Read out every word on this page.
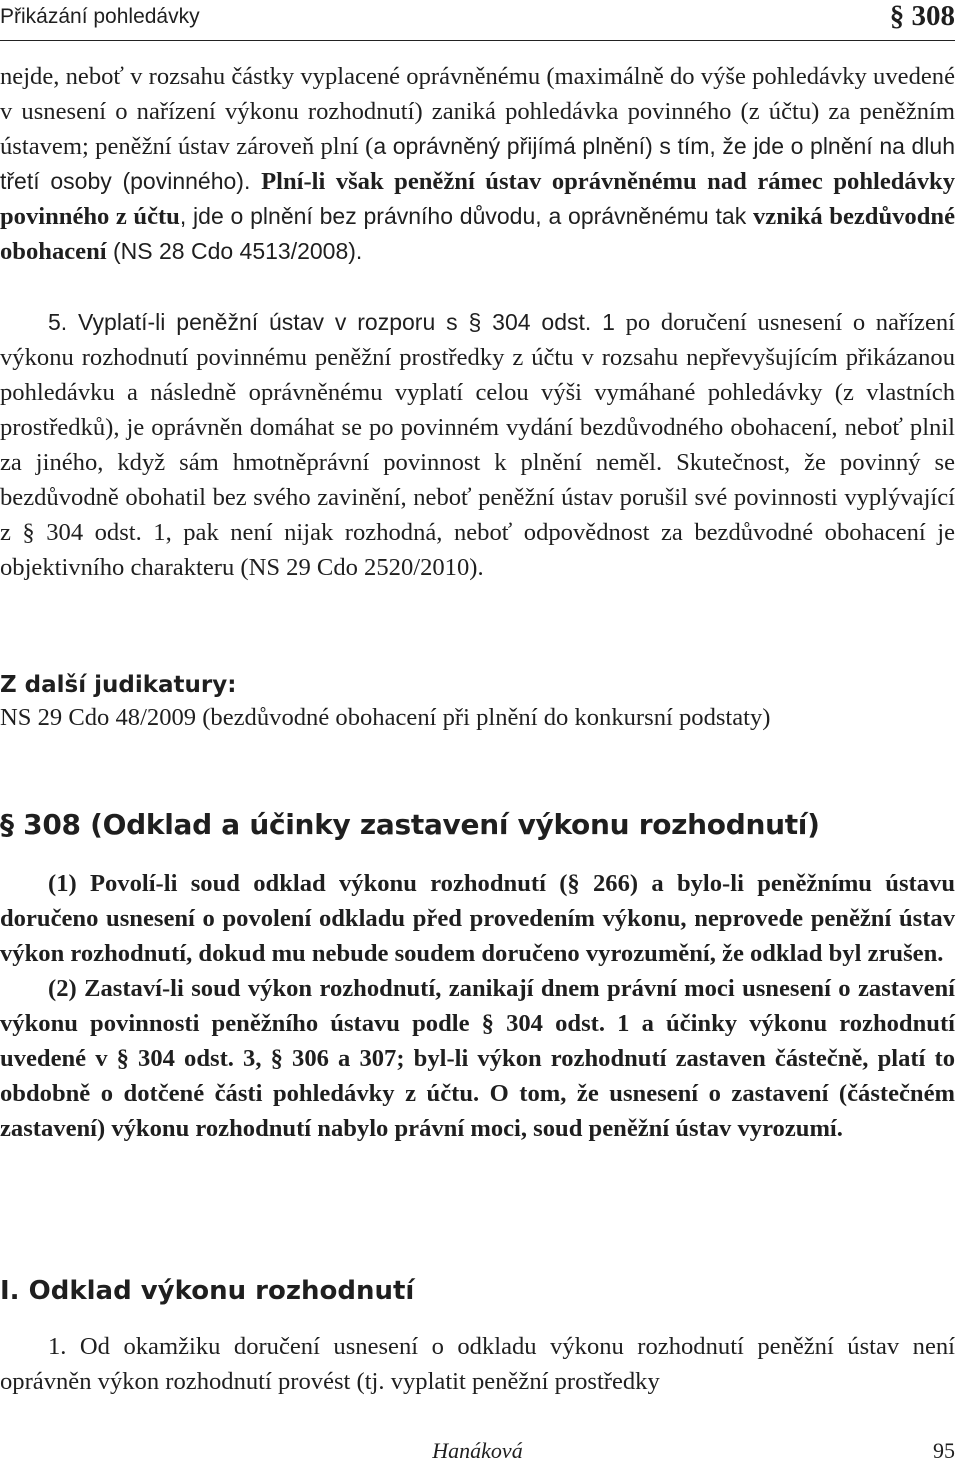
Přikázání pohledávky	§ 308

nejde, neboť v rozsahu částky vyplacené oprávněnému (maximálně do výše pohledávky uvedené v usnesení o nařízení výkonu rozhodnutí) zaniká pohledávka povinného (z účtu) za peněžním ústavem; peněžní ústav zároveň plní (a oprávněný přijímá plnění) s tím, že jde o plnění na dluh třetí osoby (povinného). Plní-li však peněžní ústav oprávněnému nad rámec pohledávky povinného z účtu, jde o plnění bez právního důvodu, a oprávněnému tak vzniká bezdůvodné obohacení (NS 28 Cdo 4513/2008).

5. Vyplatí-li peněžní ústav v rozporu s § 304 odst. 1 po doručení usnesení o nařízení výkonu rozhodnutí povinnému peněžní prostředky z účtu v rozsahu nepřevyšujícím přikázanou pohledávku a následně oprávněnému vyplatí celou výši vymáhané pohledávky (z vlastních prostředků), je oprávněn domáhat se po povinném vydání bezdůvodného obohacení, neboť plnil za jiného, když sám hmotněprávní povinnost k plnění neměl. Skutečnost, že povinný se bezdůvodně obohatil bez svého zavinění, neboť peněžní ústav porušil své povinnosti vyplývající z § 304 odst. 1, pak není nijak rozhodná, neboť odpovědnost za bezdůvodné obohacení je objektivního charakteru (NS 29 Cdo 2520/2010).

Z další judikatury:
NS 29 Cdo 48/2009 (bezdůvodné obohacení při plnění do konkursní podstaty)
§ 308 (Odklad a účinky zastavení výkonu rozhodnutí)

(1) Povolí-li soud odklad výkonu rozhodnutí (§ 266) a bylo-li peněžnímu ústavu doručeno usnesení o povolení odkladu před provedením výkonu, neprovede peněžní ústav výkon rozhodnutí, dokud mu nebude soudem doručeno vyrozumění, že odklad byl zrušen.

(2) Zastaví-li soud výkon rozhodnutí, zanikají dnem právní moci usnesení o zastavení výkonu povinnosti peněžního ústavu podle § 304 odst. 1 a účinky výkonu rozhodnutí uvedené v § 304 odst. 3, § 306 a 307; byl-li výkon rozhodnutí zastaven částečně, platí to obdobně o dotčené části pohledávky z účtu. O tom, že usnesení o zastavení (částečném zastavení) výkonu rozhodnutí nabylo právní moci, soud peněžní ústav vyrozumí.

I. Odklad výkonu rozhodnutí

1. Od okamžiku doručení usnesení o odkladu výkonu rozhodnutí peněžní ústav není oprávněn výkon rozhodnutí provést (tj. vyplatit peněžní prostředky

Hanáková	95
